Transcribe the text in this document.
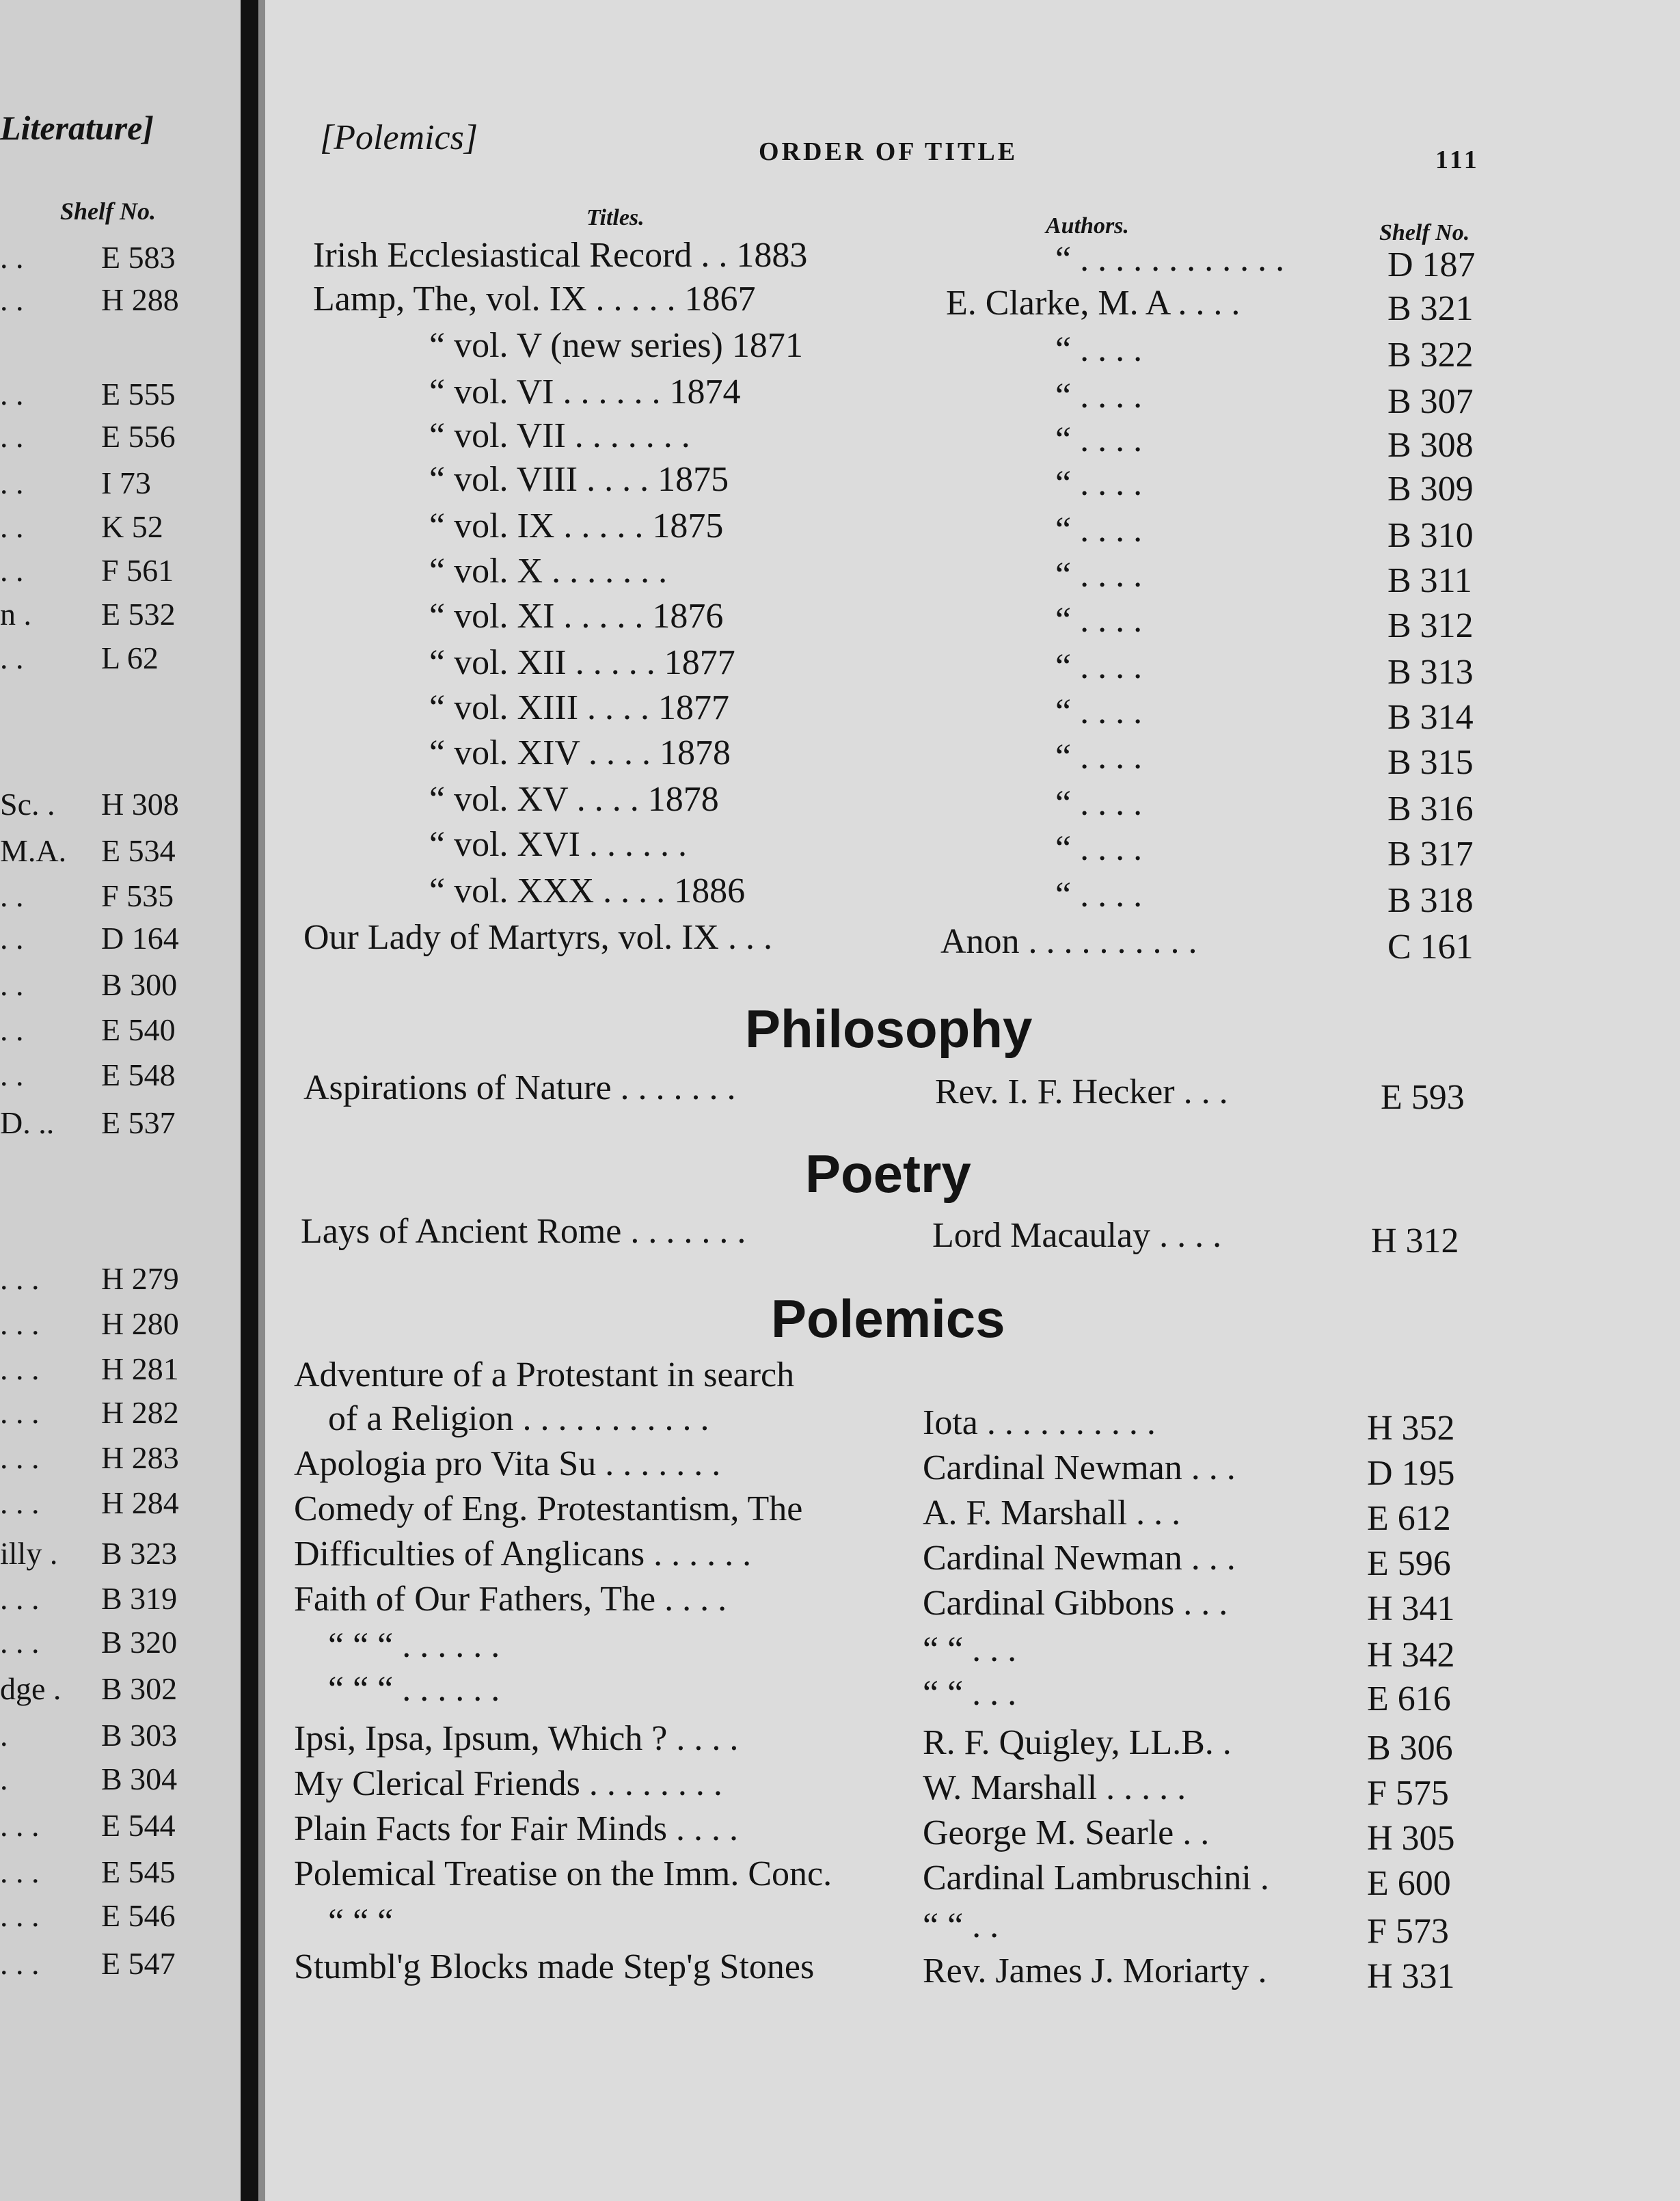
Literature]
Shelf No.
. . E 583
. . H 288
. . E 555
. . E 556
. . I 73
. . K 52
. . F 561
n . E 532
. . L 62
Sc. . H 308
M.A. E 534
. . F 535
. . D 164
. . B 300
. . E 540
. . E 548
D. .. E 537
. . . H 279
. . . H 280
. . . H 281
. . . H 282
. . . H 283
. . . H 284
illy . B 323
. . . B 319
. . . B 320
dge . B 302
.	B 303
.	B 304
. . . E 544
. . . E 545
. . . E 546
. . . E 547
[Polemics]	ORDER OF TITLE	111
Titles.	Authors.	Shelf No.
Irish Ecclesiastical Record . . 1883	“ . . . . . . . . . . . .	D 187
Lamp, The, vol. IX . . . . . 1867	E. Clarke, M. A . . . .	B 321
“ vol. V (new series) 1871	“ . . . .	B 322
“ vol. VI . . . . . . 1874	“ . . . .	B 307
“ vol. VII . . . . . . .	“ . . . .	B 308
“ vol. VIII . . . . 1875	“ . . . .	B 309
“ vol. IX . . . . . 1875	“ . . . .	B 310
“ vol. X . . . . . . .	“ . . . .	B 311
“ vol. XI . . . . . 1876	“ . . . .	B 312
“ vol. XII . . . . . 1877	“ . . . .	B 313
“ vol. XIII . . . . 1877	“ . . . .	B 314
“ vol. XIV . . . . 1878	“ . . . .	B 315
“ vol. XV . . . . 1878	“ . . . .	B 316
“ vol. XVI . . . . . .	“ . . . .	B 317
“ vol. XXX . . . . 1886	“ . . . .	B 318
Our Lady of Martyrs, vol. IX . . .	Anon . . . . . . . . . .	C 161
Philosophy
Aspirations of Nature . . . . . . .	Rev. I. F. Hecker . . .	E 593
Poetry
Lays of Ancient Rome . . . . . . .	Lord Macaulay . . . .	H 312
Polemics
Adventure of a Protestant in search
of a Religion . . . . . . . . . . .	Iota . . . . . . . . . .	H 352
Apologia pro Vita Su . . . . . . .	Cardinal Newman . . .	D 195
Comedy of Eng. Protestantism, The	A. F. Marshall . . .	E 612
Difficulties of Anglicans . . . . . .	Cardinal Newman . . .	E 596
Faith of Our Fathers, The . . . .	Cardinal Gibbons . . .	H 341
“ “ “ . . . . . .	“ “ . . .	H 342
“ “ “ . . . . . .	“ “ . . .	E 616
Ipsi, Ipsa, Ipsum, Which ? . . . .	R. F. Quigley, LL.B. .	B 306
My Clerical Friends . . . . . . . .	W. Marshall . . . . .	F 575
Plain Facts for Fair Minds . . . .	George M. Searle . .	H 305
Polemical Treatise on the Imm. Conc.	Cardinal Lambruschini .	E 600
“ “ “	“ “ . .	F 573
Stumbl'g Blocks made Step'g Stones	Rev. James J. Moriarty .	H 331
